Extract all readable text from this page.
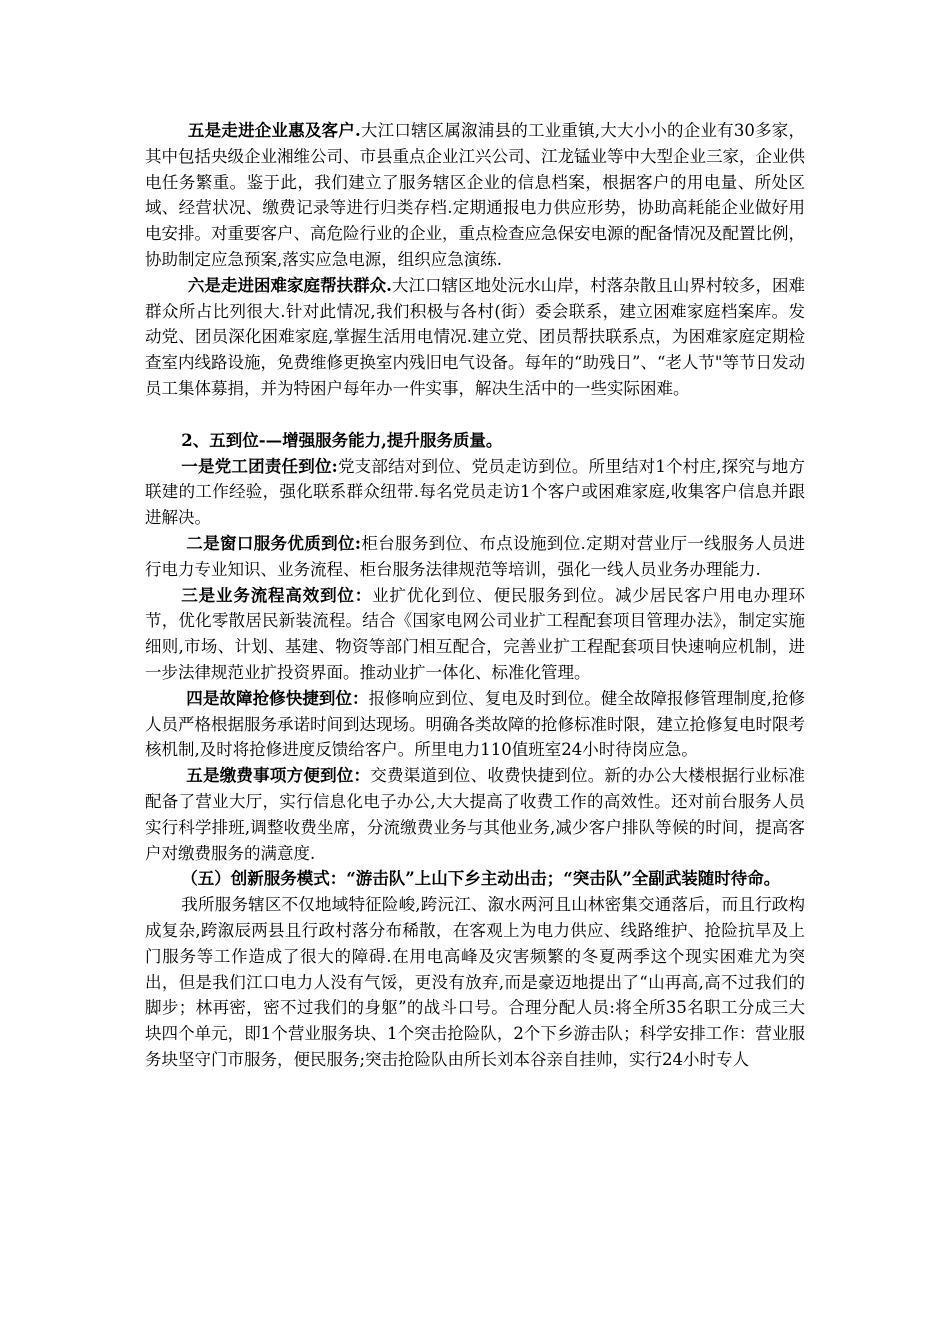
五是走进企业惠及客户.大江口辖区属溆浦县的工业重镇,大大小小的企业有30多家，其中包括央级企业湘维公司、市县重点企业江兴公司、江龙锰业等中大型企业三家，企业供电任务繁重。鉴于此，我们建立了服务辖区企业的信息档案，根据客户的用电量、所处区域、经营状况、缴费记录等进行归类存档.定期通报电力供应形势，协助高耗能企业做好用电安排。对重要客户、高危险行业的企业，重点检查应急保安电源的配备情况及配置比例，协助制定应急预案,落实应急电源，组织应急演练.

六是走进困难家庭帮扶群众.大江口辖区地处沅水山岸，村落杂散且山界村较多，困难群众所占比列很大.针对此情况,我们积极与各村(街）委会联系，建立困难家庭档案库。发动党、团员深化困难家庭,掌握生活用电情况.建立党、团员帮扶联系点，为困难家庭定期检查室内线路设施，免费维修更换室内残旧电气设备。每年的“助残日”、“老人节"等节日发动员工集体募捐，并为特困户每年办一件实事，解决生活中的一些实际困难。

2、五到位-—增强服务能力,提升服务质量。

一是党工团责任到位:党支部结对到位、党员走访到位。所里结对1个村庄,探究与地方联建的工作经验，强化联系群众纽带.每名党员走访1个客户或困难家庭,收集客户信息并跟进解决。

二是窗口服务优质到位:柜台服务到位、布点设施到位.定期对营业厅一线服务人员进行电力专业知识、业务流程、柜台服务法律规范等培训，强化一线人员业务办理能力.

三是业务流程高效到位：业扩优化到位、便民服务到位。减少居民客户用电办理环节，优化零散居民新装流程。结合《国家电网公司业扩工程配套项目管理办法》，制定实施细则,市场、计划、基建、物资等部门相互配合，完善业扩工程配套项目快速响应机制，进一步法律规范业扩投资界面。推动业扩一体化、标准化管理。

四是故障抢修快捷到位：报修响应到位、复电及时到位。健全故障报修管理制度,抢修人员严格根据服务承诺时间到达现场。明确各类故障的抢修标准时限，建立抢修复电时限考核机制,及时将抢修进度反馈给客户。所里电力110值班室24小时待岗应急。

五是缴费事项方便到位：交费渠道到位、收费快捷到位。新的办公大楼根据行业标准配备了营业大厅，实行信息化电子办公,大大提高了收费工作的高效性。还对前台服务人员实行科学排班,调整收费坐席，分流缴费业务与其他业务,减少客户排队等候的时间，提高客户对缴费服务的满意度.

（五）创新服务模式：“游击队”上山下乡主动出击；“突击队”全副武装随时待命。

我所服务辖区不仅地域特征险峻,跨沅江、溆水两河且山林密集交通落后，而且行政构成复杂,跨溆辰两县且行政村落分布稀散，在客观上为电力供应、线路维护、抢险抗旱及上门服务等工作造成了很大的障碍.在用电高峰及灾害频繁的冬夏两季这个现实困难尤为突出，但是我们江口电力人没有气馁，更没有放弃,而是豪迈地提出了“山再高,高不过我们的脚步；林再密，密不过我们的身躯”的战斗口号。合理分配人员:将全所35名职工分成三大块四个单元，即1个营业服务块、1个突击抢险队，2个下乡游击队；科学安排工作：营业服务块坚守门市服务，便民服务;突击抢险队由所长刘本谷亲自挂帅，实行24小时专人
